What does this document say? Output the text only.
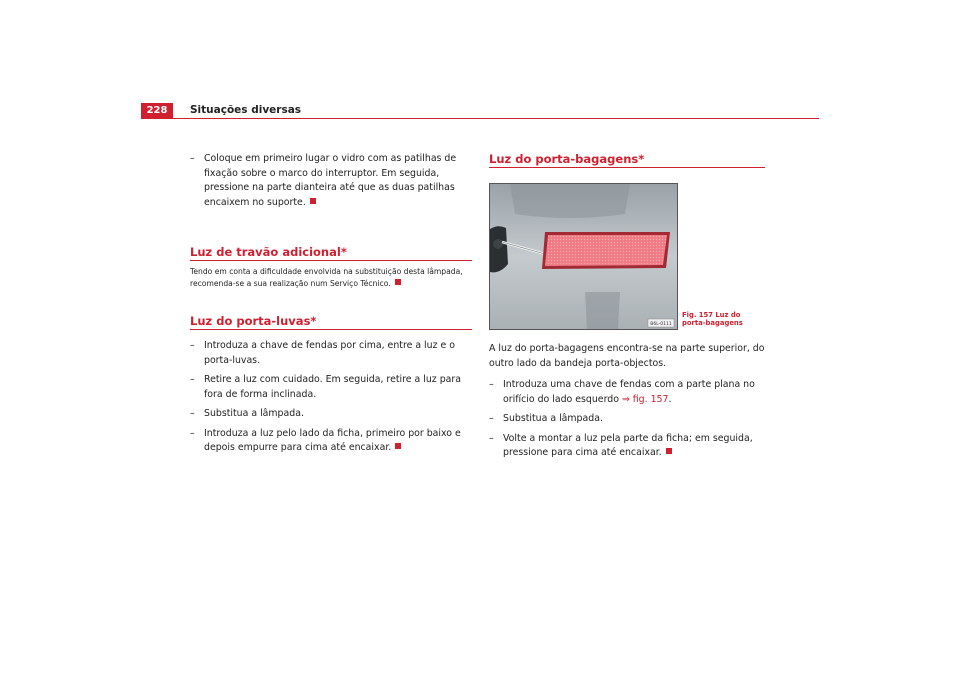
228	Situações diversas
– Coloque em primeiro lugar o vidro com as patilhas de fixação sobre o marco do interruptor. Em seguida, pressione na parte dianteira até que as duas patilhas encaixem no suporte.
Luz de travão adicional*

Tendo em conta a dificuldade envolvida na substituição desta lâmpada, recomenda-se a sua realização num Serviço Técnico.

Luz do porta-luvas*
– Introduza a chave de fendas por cima, entre a luz e o porta-luvas.
– Retire a luz com cuidado. Em seguida, retire a luz para fora de forma inclinada.
– Substitua a lâmpada.
– Introduza a luz pelo lado da ficha, primeiro por baixo e depois empurre para cima até encaixar.
Luz do porta-bagagens*

A luz do porta-bagagens encontra-se na parte superior, do outro lado da bandeja porta-objectos.

– Introduza uma chave de fendas com a parte plana no orifício do lado esquerdo ⇒ fig. 157.
– Substitua a lâmpada.
– Volte a montar a luz pela parte da ficha; em seguida, pressione para cima até encaixar.
B6L-0111
Fig. 157 Luz do porta-bagagens
